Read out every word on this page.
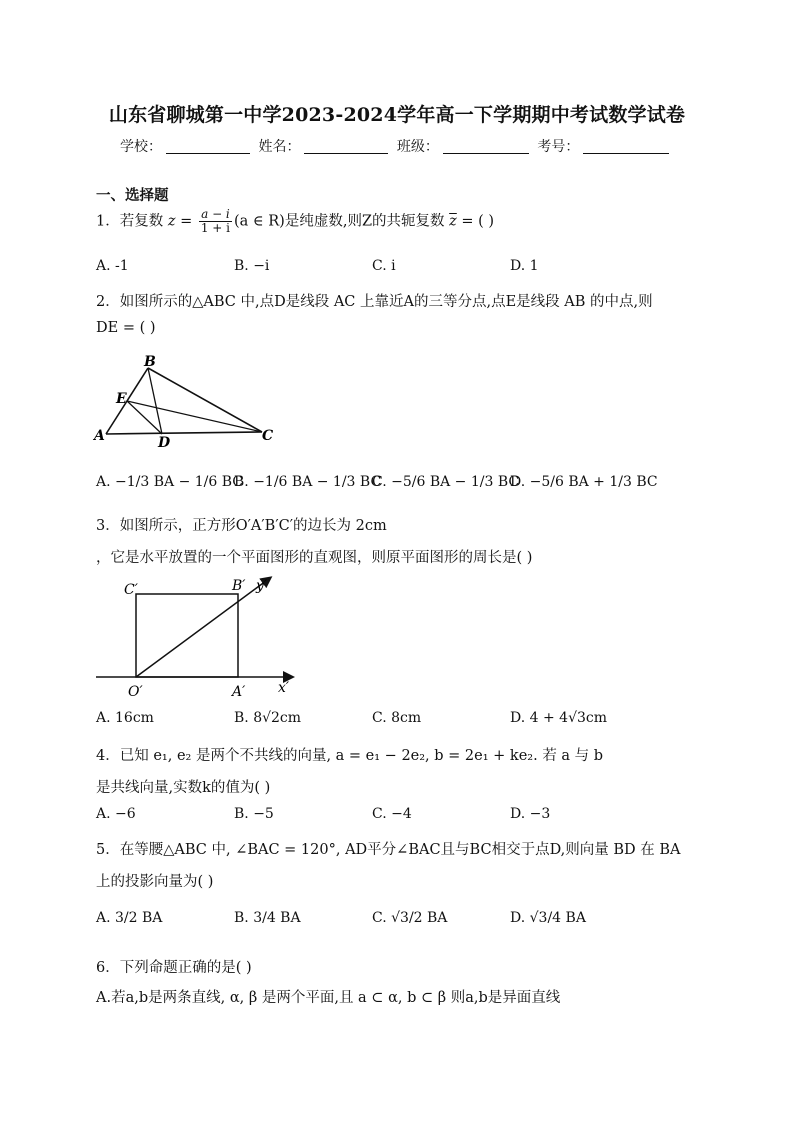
山东省聊城第一中学2023-2024学年高一下学期期中考试数学试卷
学校：	姓名：	班级：	考号：
一、选择题
1．若复数 $z = \frac{a - i}{1 + i} (a$ ∈ R)是纯虚数,则Z的共轭复数 $\overline{z}$ = ( )
A. -1	B. −i	C. i	D. 1
2．如图所示的△ABC 中,点D是线段 AC 上靠近A的三等分点,点E是线段 AB 的中点,则
DE = ( )
B
E
A	D	C
A. −1/3 BA − 1/6 BC
B. −1/6 BA − 1/3 BC
C. −5/6 BA − 1/3 BC
D. −5/6 BA + 1/3 BC
3．如图所示，正方形O′A′B′C′的边长为 2cm
，它是水平放置的一个平面图形的直观图，则原平面图形的周长是( )
C′	B′ y′
O′	A′ x′
A. 16cm	B. 8√2cm	C. 8cm	D. 4 + 4√3cm
4．已知 e₁, e₂ 是两个不共线的向量, a = e₁ − 2e₂, b = 2e₁ + ke₂. 若 a 与 b
是共线向量,实数k的值为( )
A. −6	B. −5	C. −4	D. −3
5．在等腰△ABC 中, ∠BAC = 120°, AD平分∠BAC且与BC相交于点D,则向量 BD 在 BA
上的投影向量为( )
A. 3/2 BA	B. 3/4 BA	C. √3/2 BA	D. √3/4 BA
6．下列命题正确的是( )
A.若a,b是两条直线, α, β 是两个平面,且 a ⊂ α, b ⊂ β 则a,b是异面直线
